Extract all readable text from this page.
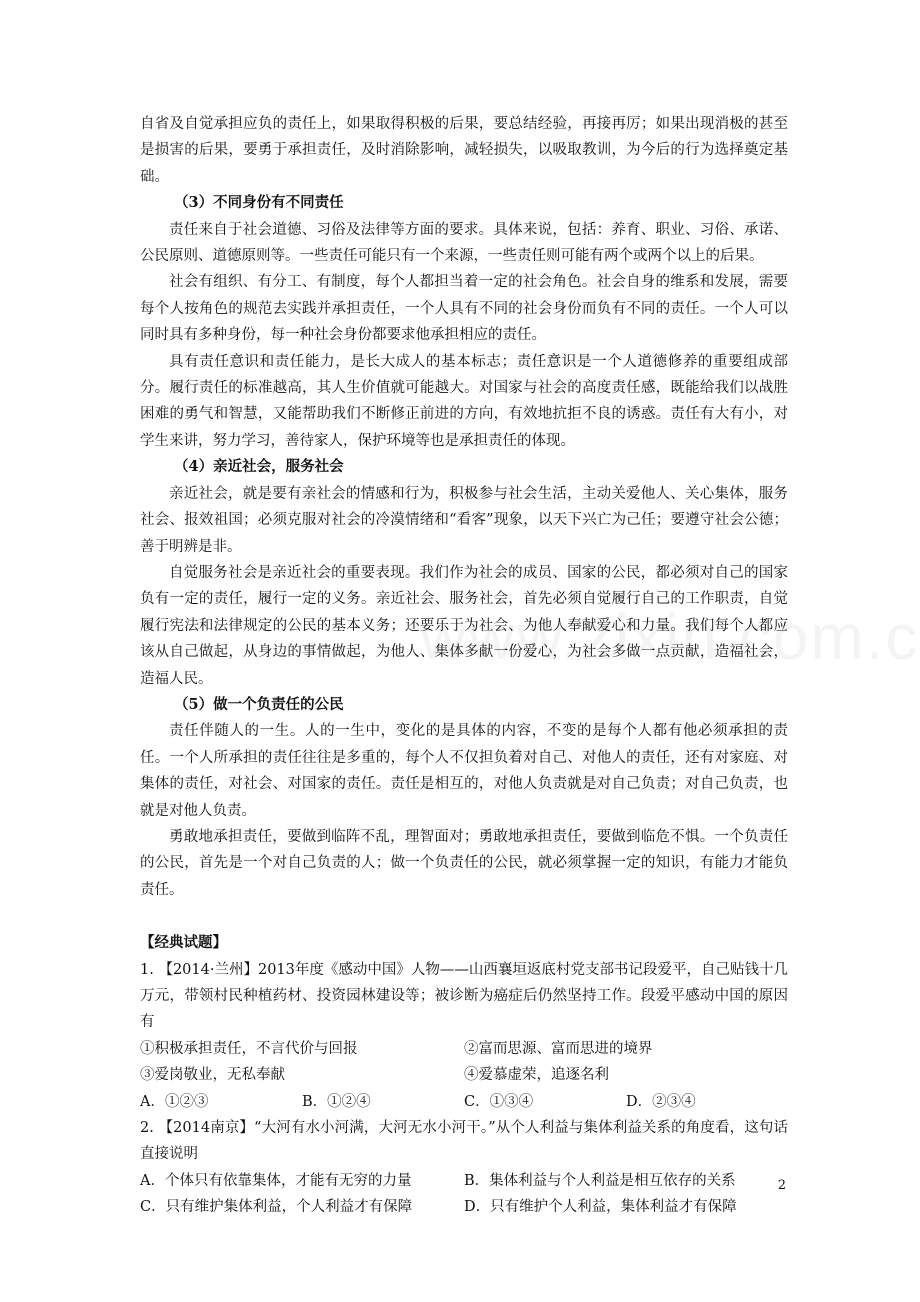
自省及自觉承担应负的责任上，如果取得积极的后果，要总结经验，再接再厉；如果出现消极的甚至是损害的后果，要勇于承担责任，及时消除影响，减轻损失，以吸取教训，为今后的行为选择奠定基础。

（3）不同身份有不同责任

责任来自于社会道德、习俗及法律等方面的要求。具体来说，包括：养育、职业、习俗、承诺、公民原则、道德原则等。一些责任可能只有一个来源，一些责任则可能有两个或两个以上的后果。

社会有组织、有分工、有制度，每个人都担当着一定的社会角色。社会自身的维系和发展，需要每个人按角色的规范去实践并承担责任，一个人具有不同的社会身份而负有不同的责任。一个人可以同时具有多种身份，每一种社会身份都要求他承担相应的责任。

具有责任意识和责任能力，是长大成人的基本标志；责任意识是一个人道德修养的重要组成部分。履行责任的标准越高，其人生价值就可能越大。对国家与社会的高度责任感，既能给我们以战胜困难的勇气和智慧，又能帮助我们不断修正前进的方向，有效地抗拒不良的诱惑。责任有大有小，对学生来讲，努力学习，善待家人，保护环境等也是承担责任的体现。

（4）亲近社会，服务社会

亲近社会，就是要有亲社会的情感和行为，积极参与社会生活，主动关爱他人、关心集体，服务社会、报效祖国；必须克服对社会的冷漠情绪和“看客”现象，以天下兴亡为己任；要遵守社会公德；善于明辨是非。

自觉服务社会是亲近社会的重要表现。我们作为社会的成员、国家的公民，都必须对自己的国家负有一定的责任，履行一定的义务。亲近社会、服务社会，首先必须自觉履行自己的工作职责，自觉履行宪法和法律规定的公民的基本义务；还要乐于为社会、为他人奉献爱心和力量。我们每个人都应该从自己做起，从身边的事情做起，为他人、集体多献一份爱心，为社会多做一点贡献，造福社会，造福人民。

（5）做一个负责任的公民

责任伴随人的一生。人的一生中，变化的是具体的内容，不变的是每个人都有他必须承担的责任。一个人所承担的责任往往是多重的，每个人不仅担负着对自己、对他人的责任，还有对家庭、对集体的责任，对社会、对国家的责任。责任是相互的，对他人负责就是对自己负责；对自己负责，也就是对他人负责。

勇敢地承担责任，要做到临阵不乱，理智面对；勇敢地承担责任，要做到临危不惧。一个负责任的公民，首先是一个对自己负责的人；做一个负责任的公民，就必须掌握一定的知识，有能力才能负责任。

【经典试题】

1. 【2014·兰州】2013年度《感动中国》人物——山西襄垣返底村党支部书记段爱平，自己贴钱十几万元，带领村民种植药材、投资园林建设等；被诊断为癌症后仍然坚持工作。段爱平感动中国的原因有

①积极承担责任，不言代价与回报	②富而思源、富而思进的境界
③爱岗敬业，无私奉献	④爱慕虚荣，追逐名利
A．①②③	B．①②④	C．①③④	D．②③④

2. 【2014南京】“大河有水小河满，大河无水小河干。”从个人利益与集体利益关系的角度看，这句话直接说明

A．个体只有依靠集体，才能有无穷的力量	B．集体利益与个人利益是相互依存的关系
C．只有维护集体利益，个人利益才有保障	D．只有维护个人利益，集体利益才有保障
2
